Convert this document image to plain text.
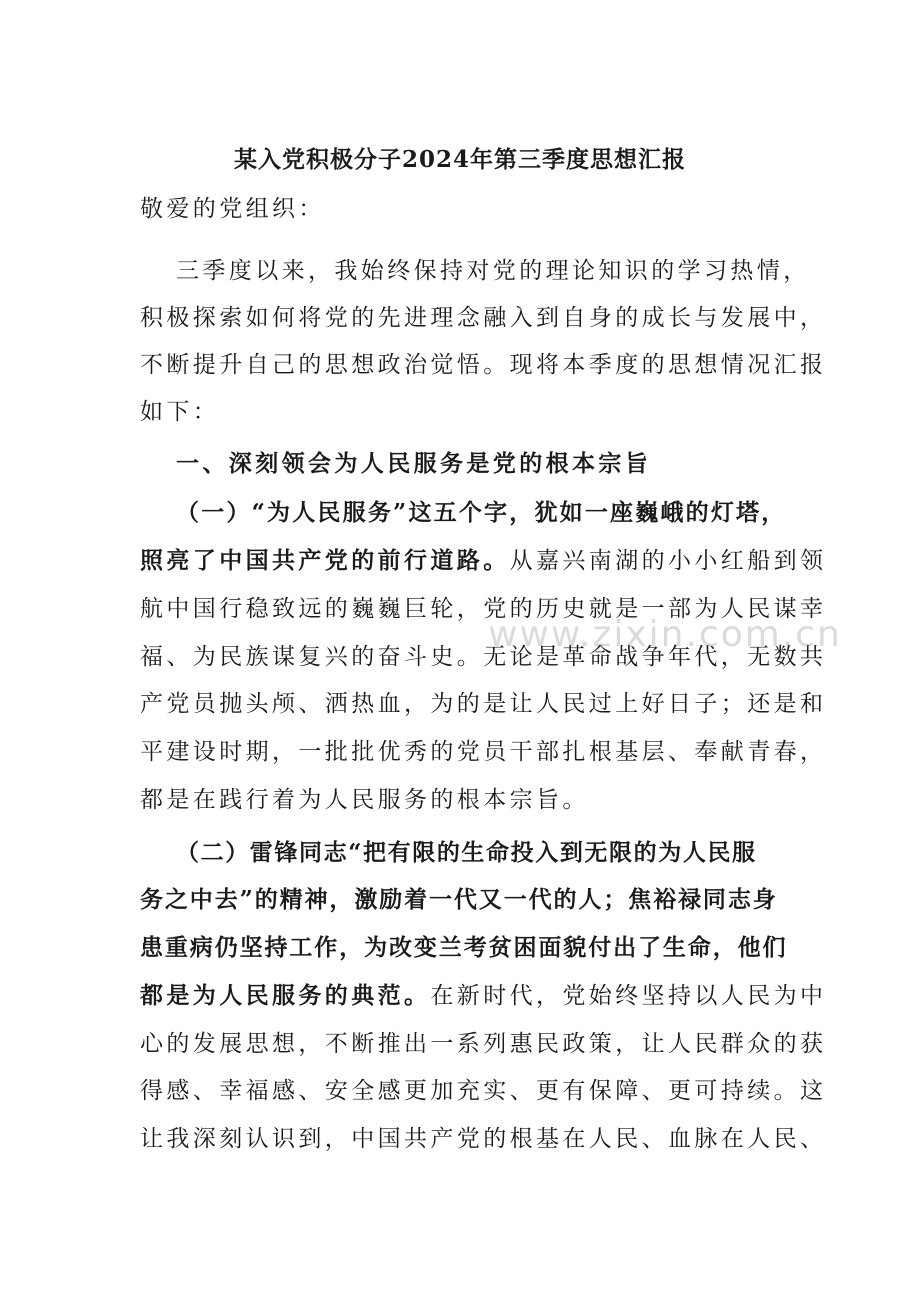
某入党积极分子2024年第三季度思想汇报
敬爱的党组织：
三季度以来，我始终保持对党的理论知识的学习热情，
积极探索如何将党的先进理念融入到自身的成长与发展中，
不断提升自己的思想政治觉悟。现将本季度的思想情况汇报
如下：
一、深刻领会为人民服务是党的根本宗旨
（一）“为人民服务”这五个字，犹如一座巍峨的灯塔，
照亮了中国共产党的前行道路。从嘉兴南湖的小小红船到领
航中国行稳致远的巍巍巨轮，党的历史就是一部为人民谋幸
福、为民族谋复兴的奋斗史。无论是革命战争年代，无数共
产党员抛头颅、洒热血，为的是让人民过上好日子；还是和
平建设时期，一批批优秀的党员干部扎根基层、奉献青春，
都是在践行着为人民服务的根本宗旨。
（二）雷锋同志“把有限的生命投入到无限的为人民服
务之中去”的精神，激励着一代又一代的人；焦裕禄同志身
患重病仍坚持工作，为改变兰考贫困面貌付出了生命，他们
都是为人民服务的典范。在新时代，党始终坚持以人民为中
心的发展思想，不断推出一系列惠民政策，让人民群众的获
得感、幸福感、安全感更加充实、更有保障、更可持续。这
让我深刻认识到，中国共产党的根基在人民、血脉在人民、
www.zixin.com.cn
